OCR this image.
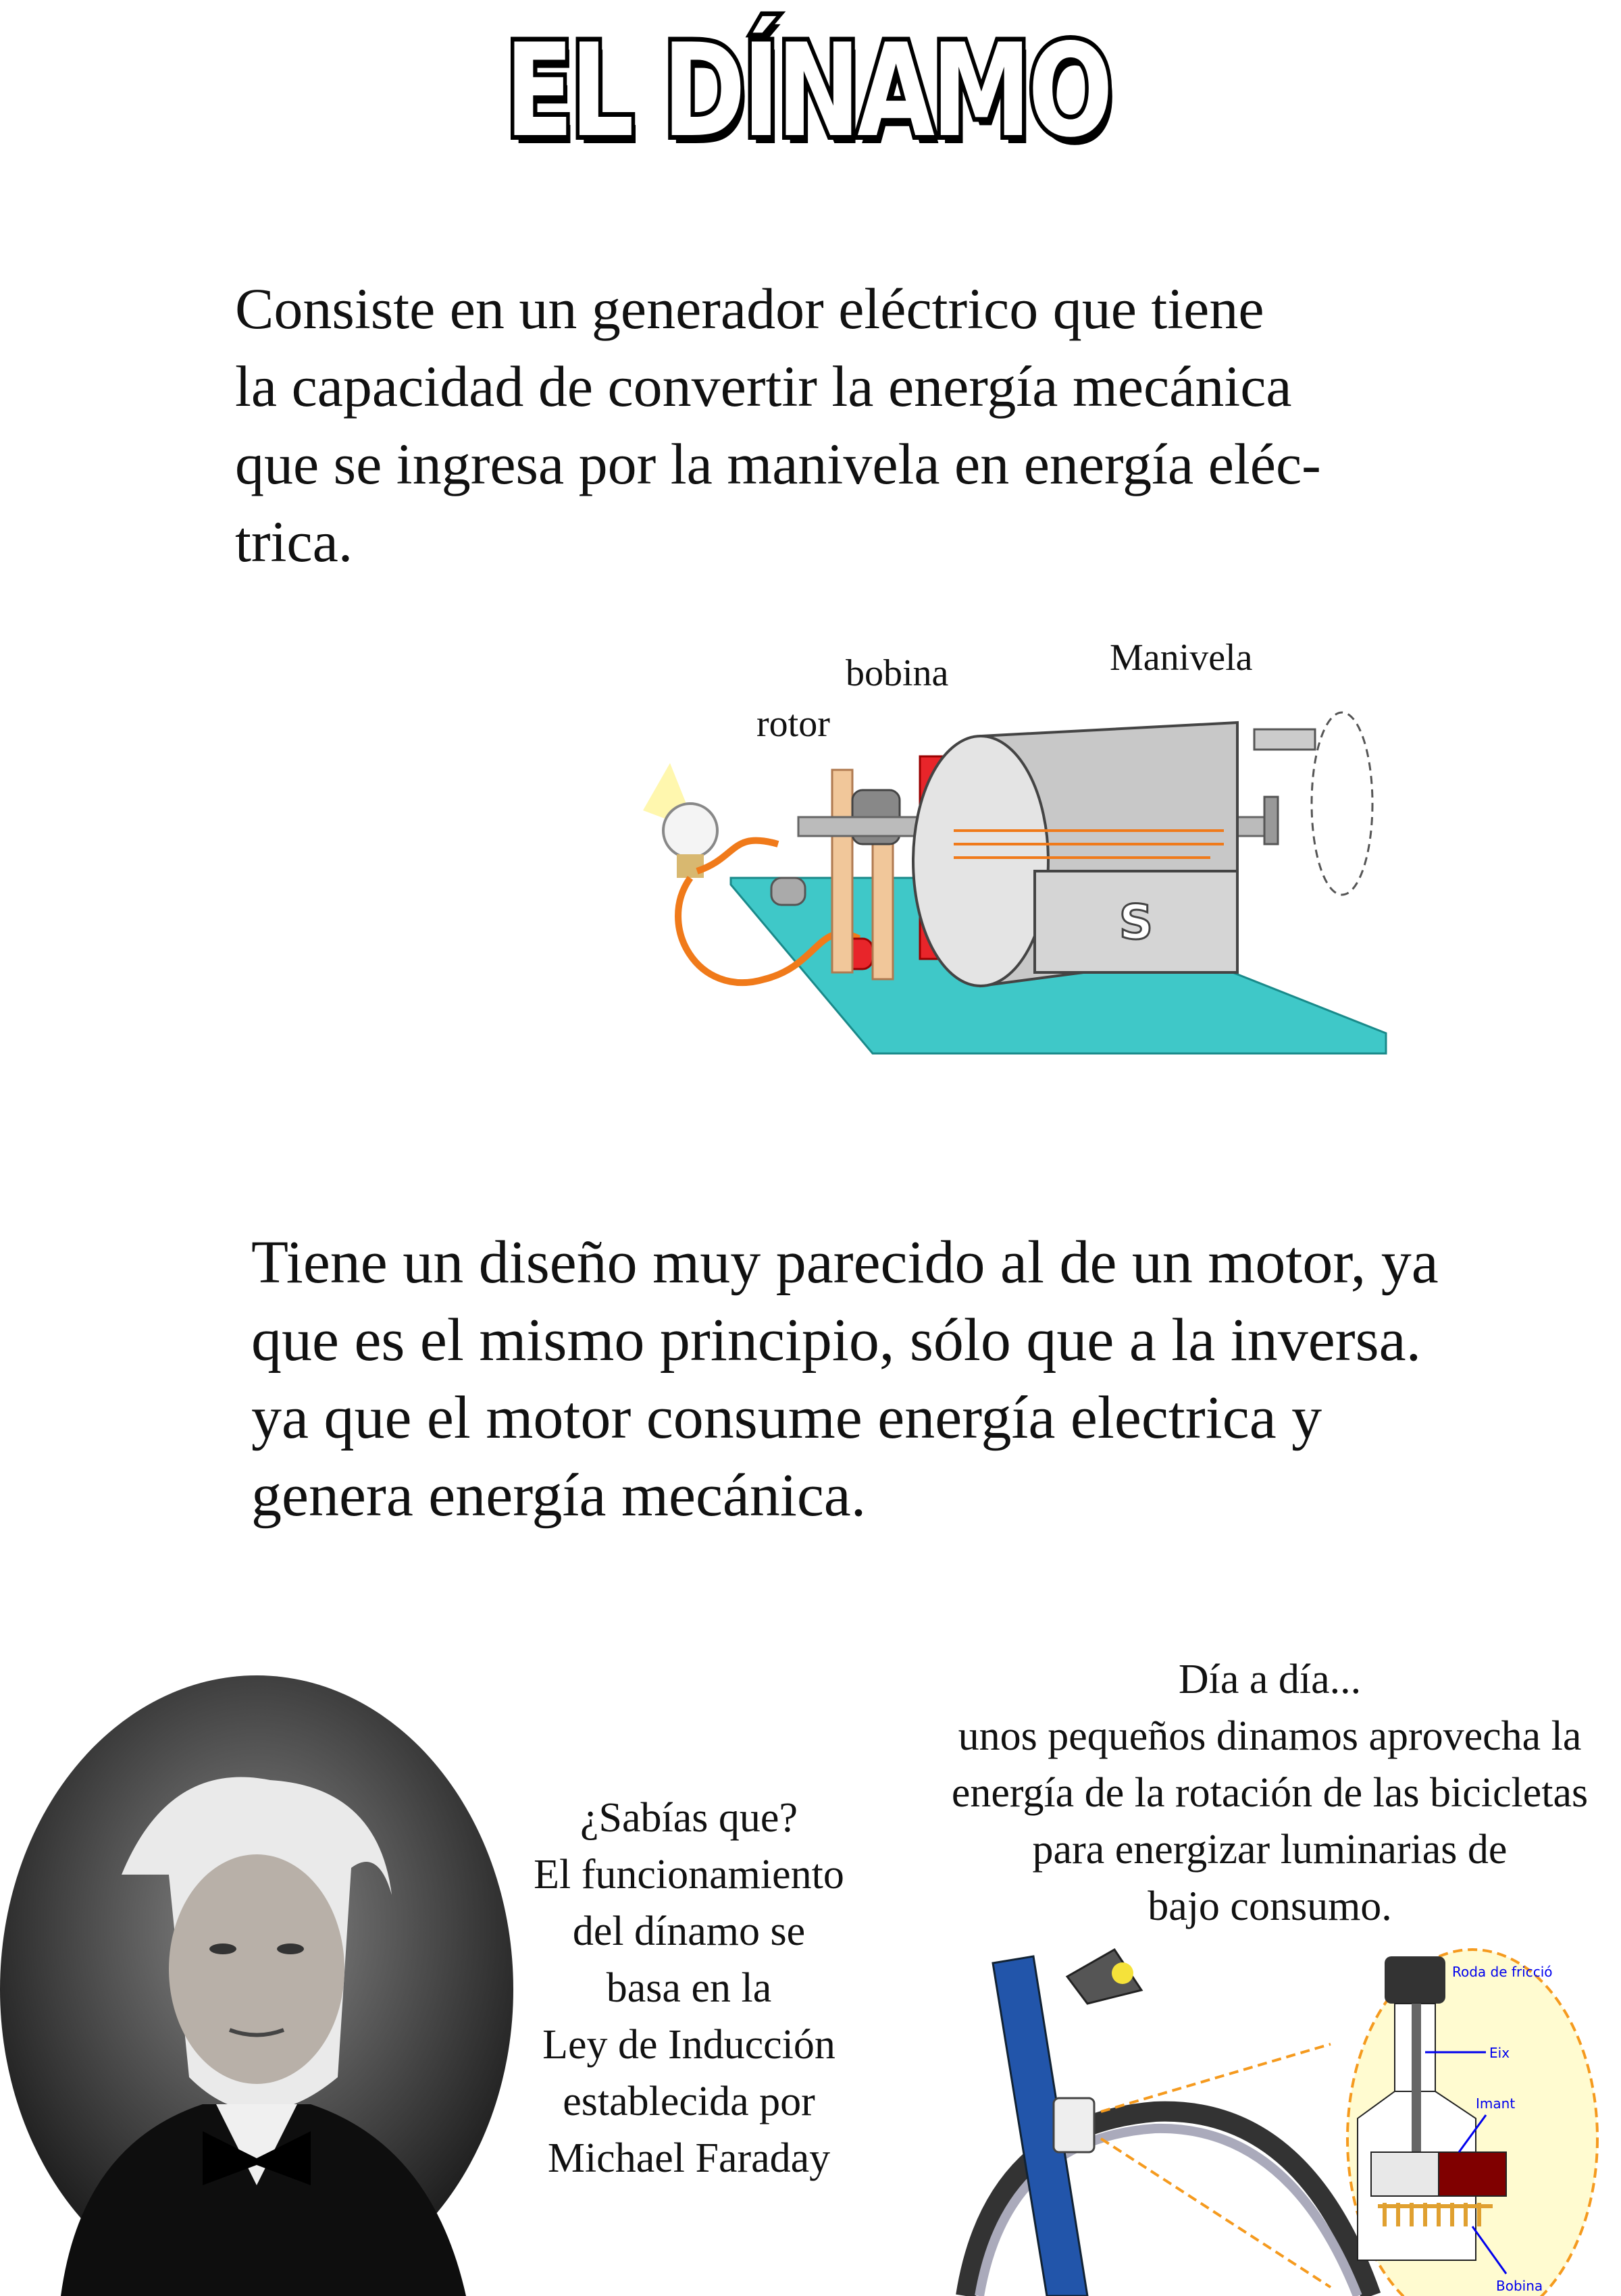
EL DÍNAMO
Consiste en un generador eléctrico que tiene
la capacidad de convertir la energía mecánica
que se ingresa por la manivela en energía eléc-
trica.
bobina	Manivela
rotor
S
Tiene un diseño muy parecido al de un motor, ya
que es el mismo principio, sólo que a la inversa.
ya que el motor consume energía electrica y
genera energía mecánica.
¿Sabías que?
El funcionamiento
del dínamo se
basa en la
Ley de Inducción
establecida por
Michael Faraday
Día a día...
unos pequeños dinamos aprovecha la
energía de la rotación de las bicicletas
para energizar luminarias de
bajo consumo.
Roda de fricció
Eix
Imant
Bobina
